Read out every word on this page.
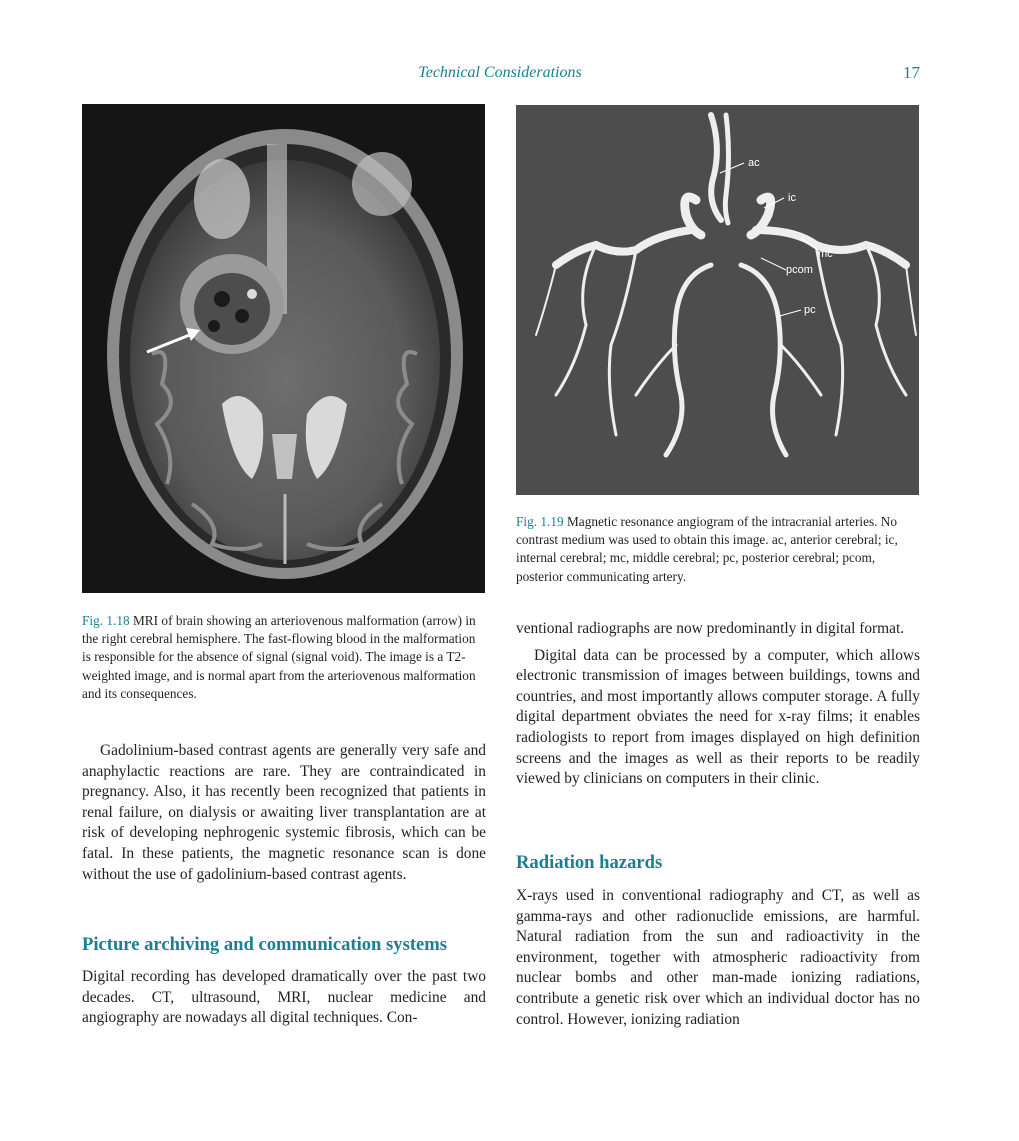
Technical Considerations	17
ac
ic
mc
pcom
pc
Fig. 1.19 Magnetic resonance angiogram of the intracranial arteries. No contrast medium was used to obtain this image. ac, anterior cerebral; ic, internal cerebral; mc, middle cerebral; pc, posterior cerebral; pcom, posterior communicating artery.
Fig. 1.18 MRI of brain showing an arteriovenous malformation (arrow) in the right cerebral hemisphere. The fast-flowing blood in the malformation is responsible for the absence of signal (signal void). The image is a T2-weighted image, and is normal apart from the arteriovenous malformation and its consequences.

Gadolinium-based contrast agents are generally very safe and anaphylactic reactions are rare. They are contraindicated in pregnancy. Also, it has recently been recognized that patients in renal failure, on dialysis or awaiting liver transplantation are at risk of developing nephrogenic systemic fibrosis, which can be fatal. In these patients, the magnetic resonance scan is done without the use of gadolinium-based contrast agents.

Picture archiving and communication systems

Digital recording has developed dramatically over the past two decades. CT, ultrasound, MRI, nuclear medicine and angiography are nowadays all digital techniques. Con-

ventional radiographs are now predominantly in digital format.

Digital data can be processed by a computer, which allows electronic transmission of images between buildings, towns and countries, and most importantly allows computer storage. A fully digital department obviates the need for x-ray films; it enables radiologists to report from images displayed on high definition screens and the images as well as their reports to be readily viewed by clinicians on computers in their clinic.

Radiation hazards

X-rays used in conventional radiography and CT, as well as gamma-rays and other radionuclide emissions, are harmful. Natural radiation from the sun and radioactivity in the environment, together with atmospheric radioactivity from nuclear bombs and other man-made ionizing radiations, contribute a genetic risk over which an individual doctor has no control. However, ionizing radiation
